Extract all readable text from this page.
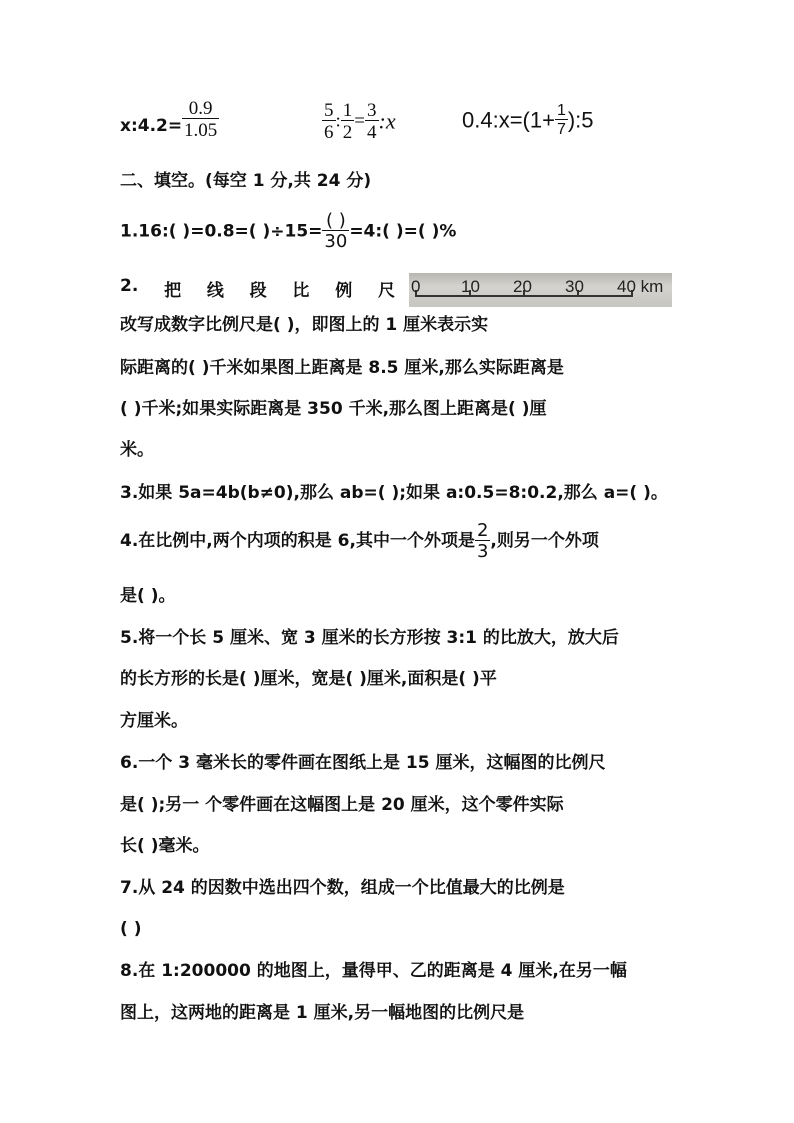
x:4.2= $\frac{0.9}{1.05}$	$\frac{5}{6}$ : $\frac{1}{2} = \frac{3}{4}$ :x	0.4:x=(1+ $\frac{1}{7}$ ):5
二、填空。(每空 1 分,共 24 分)
1.16:( )=0.8=( )$\div 15= \frac{( )}{30}$ =4:( )=( )%
2. 把 线 段 比 例 尺 0 10 20 30 40 km
改写成数字比例尺是( )，即图上的 1 厘米表示实
际距离的( )千米如果图上距离是 8.5 厘米,那么实际距离是
( )千米;如果实际距离是 350 千米,那么图上距离是( )厘
米。
3.如果 5a=4b(b≠0),那么 ab=( );如果 a:0.5=8:0.2,那么 a=( )。
4.在比例中,两个内项的积是 6,其中一个外项是 $\frac{2}{3}$ ,则另一个外项
是( )。
5.将一个长 5 厘米、宽 3 厘米的长方形按 3:1 的比放大，放大后
的长方形的长是( )厘米，宽是( )厘米,面积是( )平
方厘米。
6.一个 3 毫米长的零件画在图纸上是 15 厘米，这幅图的比例尺
是( );另一 个零件画在这幅图上是 20 厘米，这个零件实际
长( )毫米。
7.从 24 的因数中选出四个数，组成一个比值最大的比例是
( )
8.在 1:200000 的地图上，量得甲、乙的距离是 4 厘米,在另一幅
图上，这两地的距离是 1 厘米,另一幅地图的比例尺是
